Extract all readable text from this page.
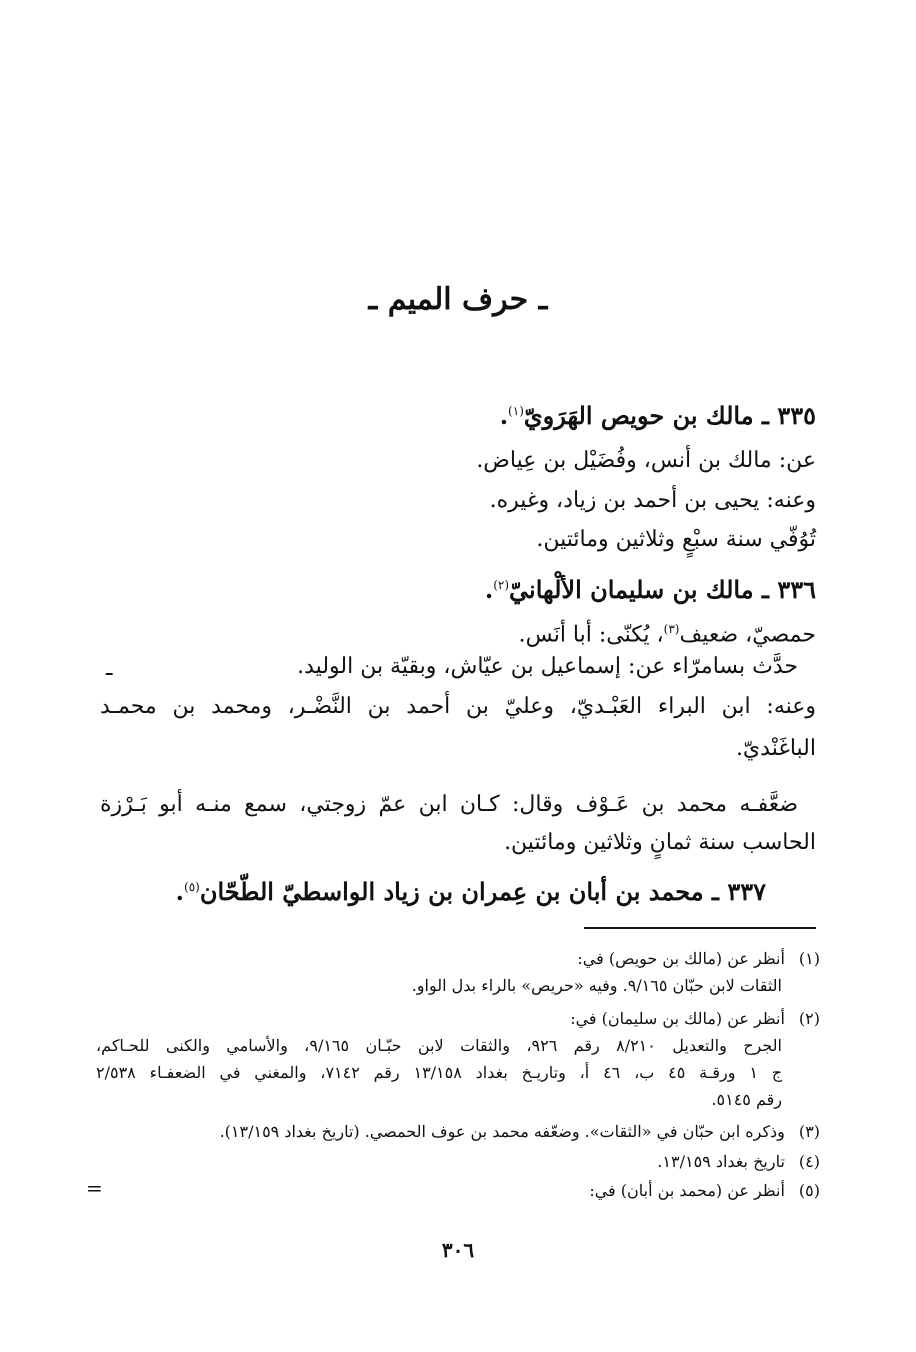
ـ حرف الميم ـ
٣٣٥ ـ مالك بن حويص الهَرَويّ$^{(١)}$.
عن: مالك بن أنس، وفُضَيْل بن عِياض.
وعنه: يحيى بن أحمد بن زياد، وغيره.
تُوُفّي سنة سبْعٍ وثلاثين ومائتين.
٣٣٦ ـ مالك بن سليمان الألْهانيّ$^{(٢)}$.
حمصيّ، ضعيف$^{(٣)}$، يُكنّى: أبا أنَس.
حدَّث بسامرّاء عن: إسماعيل بن عيّاش، وبقيّة بن الوليد.
ـ
وعنه: ابن البراء العَبْـديّ، وعليّ بن أحمد بن النَّضْـر، ومحمد بن محمـد
الباغَنْديّ.
ضعَّفـه محمد بن عَـوْف وقال: كـان ابن عمّ زوجتي، سمع منـه أبو بَـرْزة
الحاسب سنة ثمانٍ وثلاثين ومائتين.
٣٣٧ ـ محمد بن أبان بن عِمران بن زياد الواسطيّ الطّحّان$^{(٥)}$.
(١) أنظر عن (مالك بن حويص) في:
الثقات لابن حبّان ٩/١٦٥. وفيه «حريص» بالراء بدل الواو.
(٢) أنظر عن (مالك بن سليمان) في:
الجرح والتعديل ٨/٢١٠ رقم ٩٢٦، والثقات لابن حبّـان ٩/١٦٥، والأسامي والكنى للحـاكم،
ج ١ ورقـة ٤٥ ب، ٤٦ أ، وتاريـخ بغداد ١٣/١٥٨ رقم ٧١٤٢، والمغني في الضعفـاء ٢/٥٣٨
رقم ٥١٤٥.
(٣) وذكره ابن حبّان في «الثقات». وضعّفه محمد بن عوف الحمصي. (تاريخ بغداد ١٣/١٥٩).
(٤) تاريخ بغداد ١٣/١٥٩.
(٥) أنظر عن (محمد بن أبان) في:
=
٣٠٦
